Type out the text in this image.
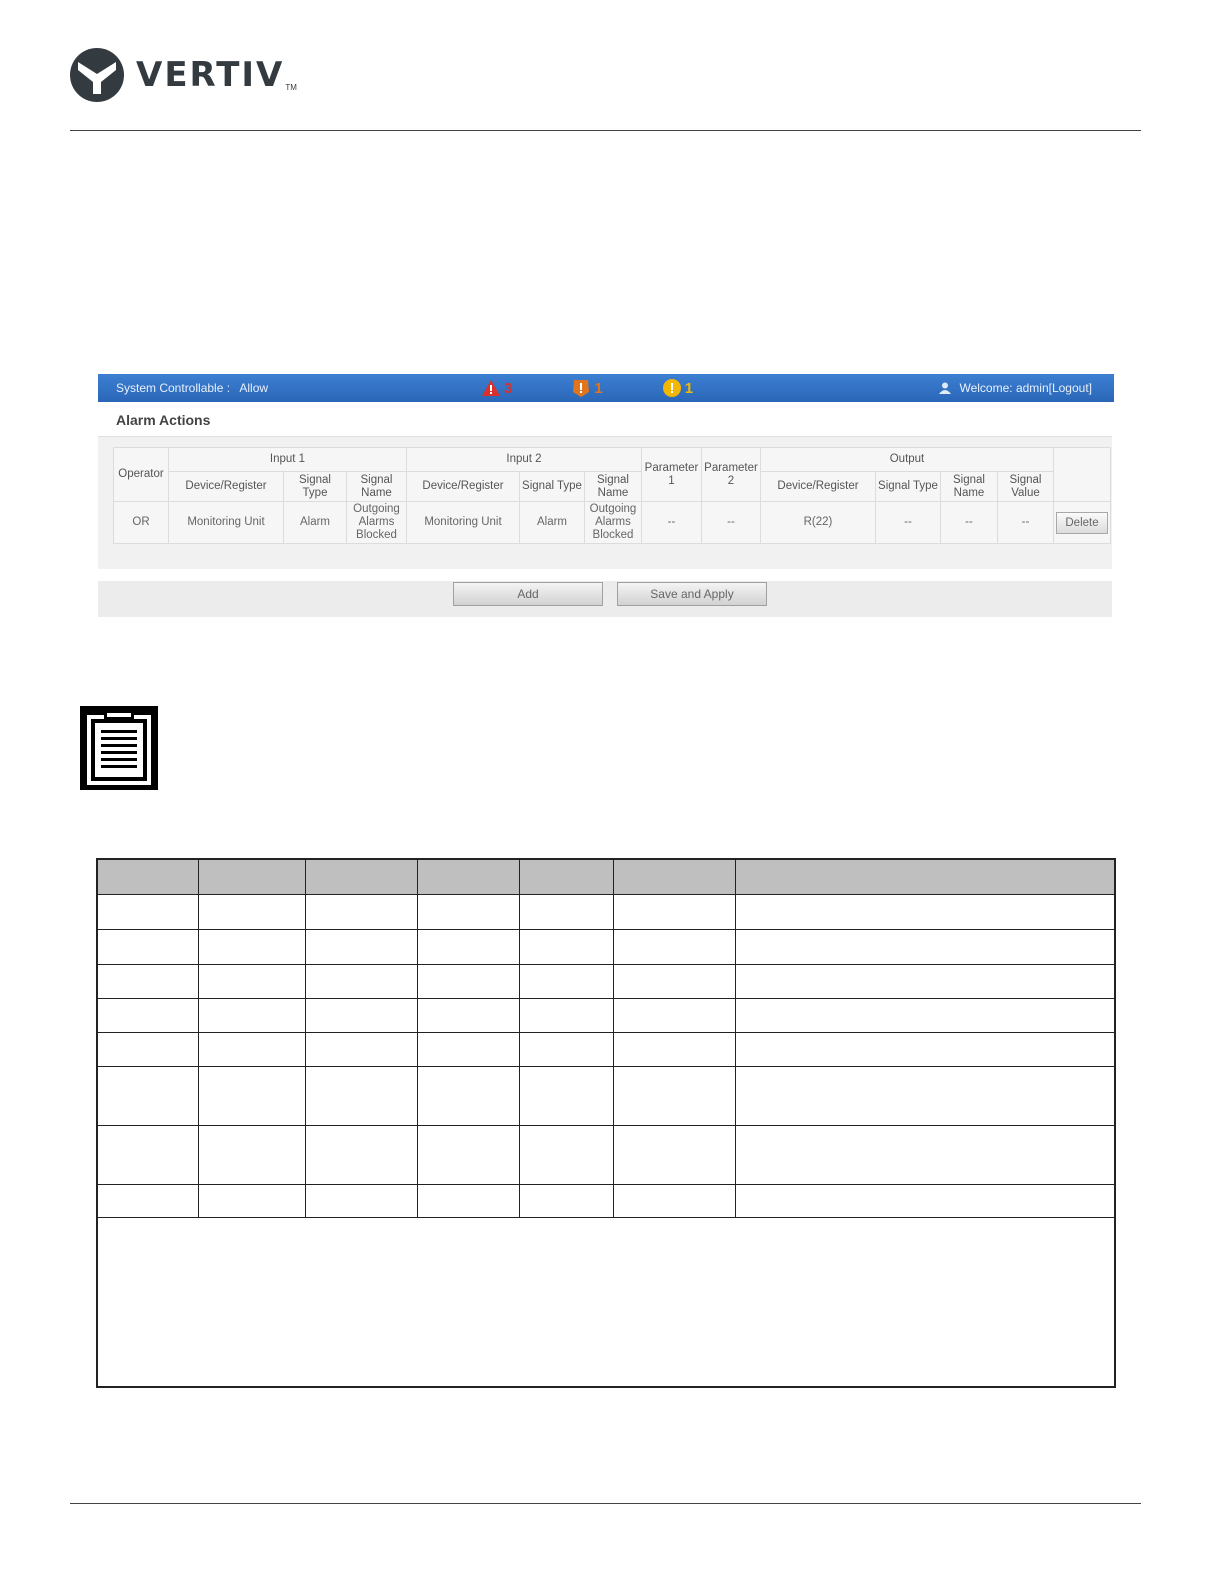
VERTIV TM
System Controllable : Allow	3	1	1	Welcome: admin[Logout]
Alarm Actions
Operator	Input 1			Input 2			Parameter 1	Parameter 2	Output				
	Device/Register	Signal Type	Signal Name	Device/Register	Signal Type	Signal Name			Device/Register	Signal Type	Signal Name	Signal Value	
OR	Monitoring Unit	Alarm	Outgoing Alarms Blocked	Monitoring Unit	Alarm	Outgoing Alarms Blocked	--	--	R(22)	--	--	--	Delete
Add	Save and Apply
